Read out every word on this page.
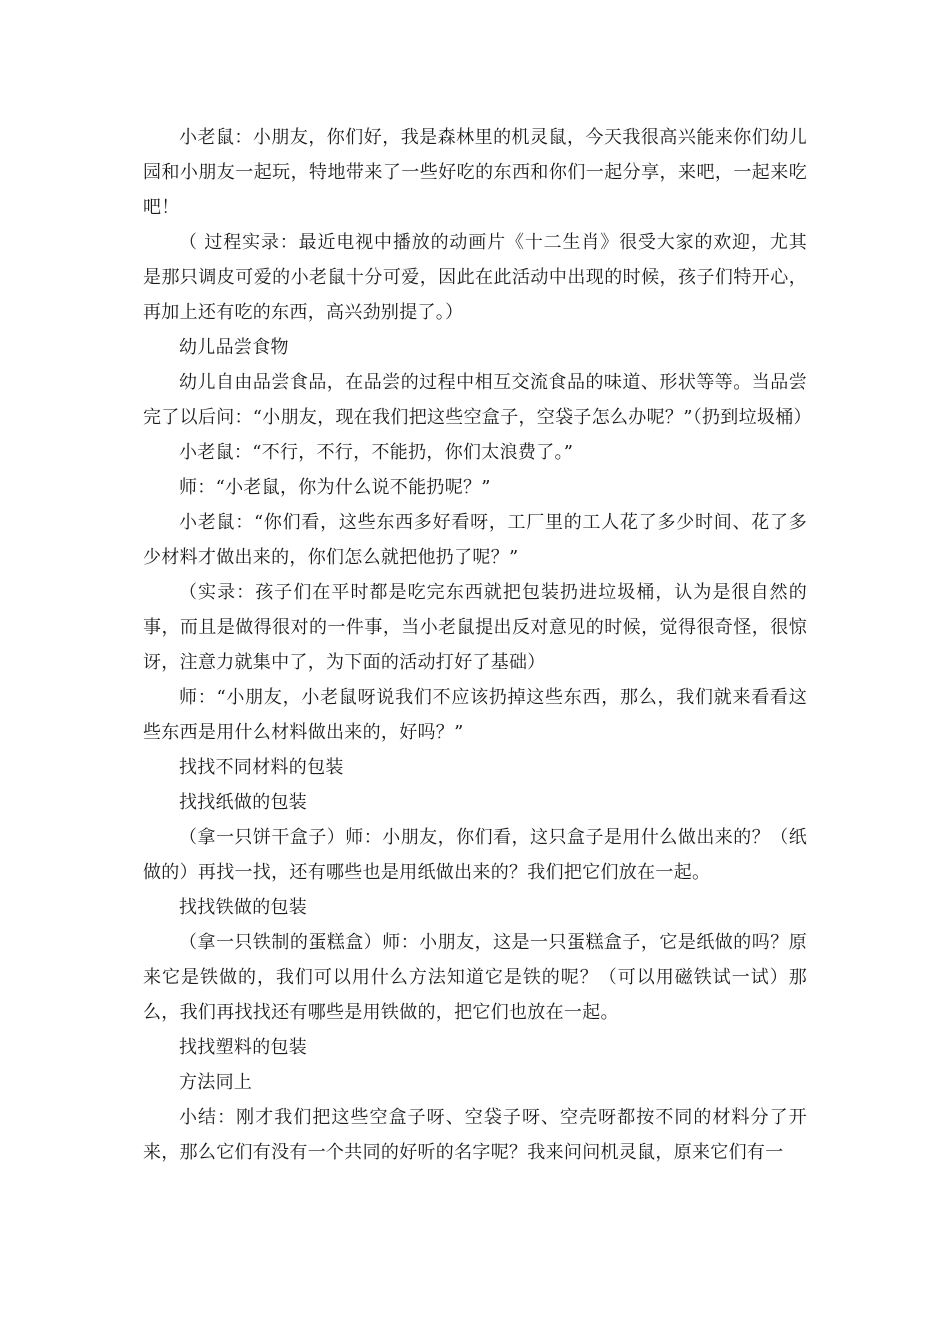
小老鼠：小朋友，你们好，我是森林里的机灵鼠，今天我很高兴能来你们幼儿园和小朋友一起玩，特地带来了一些好吃的东西和你们一起分享，来吧，一起来吃吧！

（ 过程实录：最近电视中播放的动画片《十二生肖》很受大家的欢迎，尤其是那只调皮可爱的小老鼠十分可爱，因此在此活动中出现的时候，孩子们特开心，再加上还有吃的东西，高兴劲别提了。）

幼儿品尝食物

幼儿自由品尝食品，在品尝的过程中相互交流食品的味道、形状等等。当品尝完了以后问：“小朋友，现在我们把这些空盒子，空袋子怎么办呢？”（扔到垃圾桶）

小老鼠：“不行，不行，不能扔，你们太浪费了。”

师：“小老鼠，你为什么说不能扔呢？”

小老鼠：“你们看，这些东西多好看呀，工厂里的工人花了多少时间、花了多少材料才做出来的，你们怎么就把他扔了呢？”

（实录：孩子们在平时都是吃完东西就把包装扔进垃圾桶，认为是很自然的事，而且是做得很对的一件事，当小老鼠提出反对意见的时候，觉得很奇怪，很惊讶，注意力就集中了，为下面的活动打好了基础）

师：“小朋友，小老鼠呀说我们不应该扔掉这些东西，那么，我们就来看看这些东西是用什么材料做出来的，好吗？”

找找不同材料的包装

找找纸做的包装

（拿一只饼干盒子）师：小朋友，你们看，这只盒子是用什么做出来的？（纸做的）再找一找，还有哪些也是用纸做出来的？我们把它们放在一起。

找找铁做的包装

（拿一只铁制的蛋糕盒）师：小朋友，这是一只蛋糕盒子，它是纸做的吗？原来它是铁做的，我们可以用什么方法知道它是铁的呢？（可以用磁铁试一试）那么，我们再找找还有哪些是用铁做的，把它们也放在一起。

找找塑料的包装

方法同上

小结：刚才我们把这些空盒子呀、空袋子呀、空壳呀都按不同的材料分了开来，那么它们有没有一个共同的好听的名字呢？我来问问机灵鼠，原来它们有一
